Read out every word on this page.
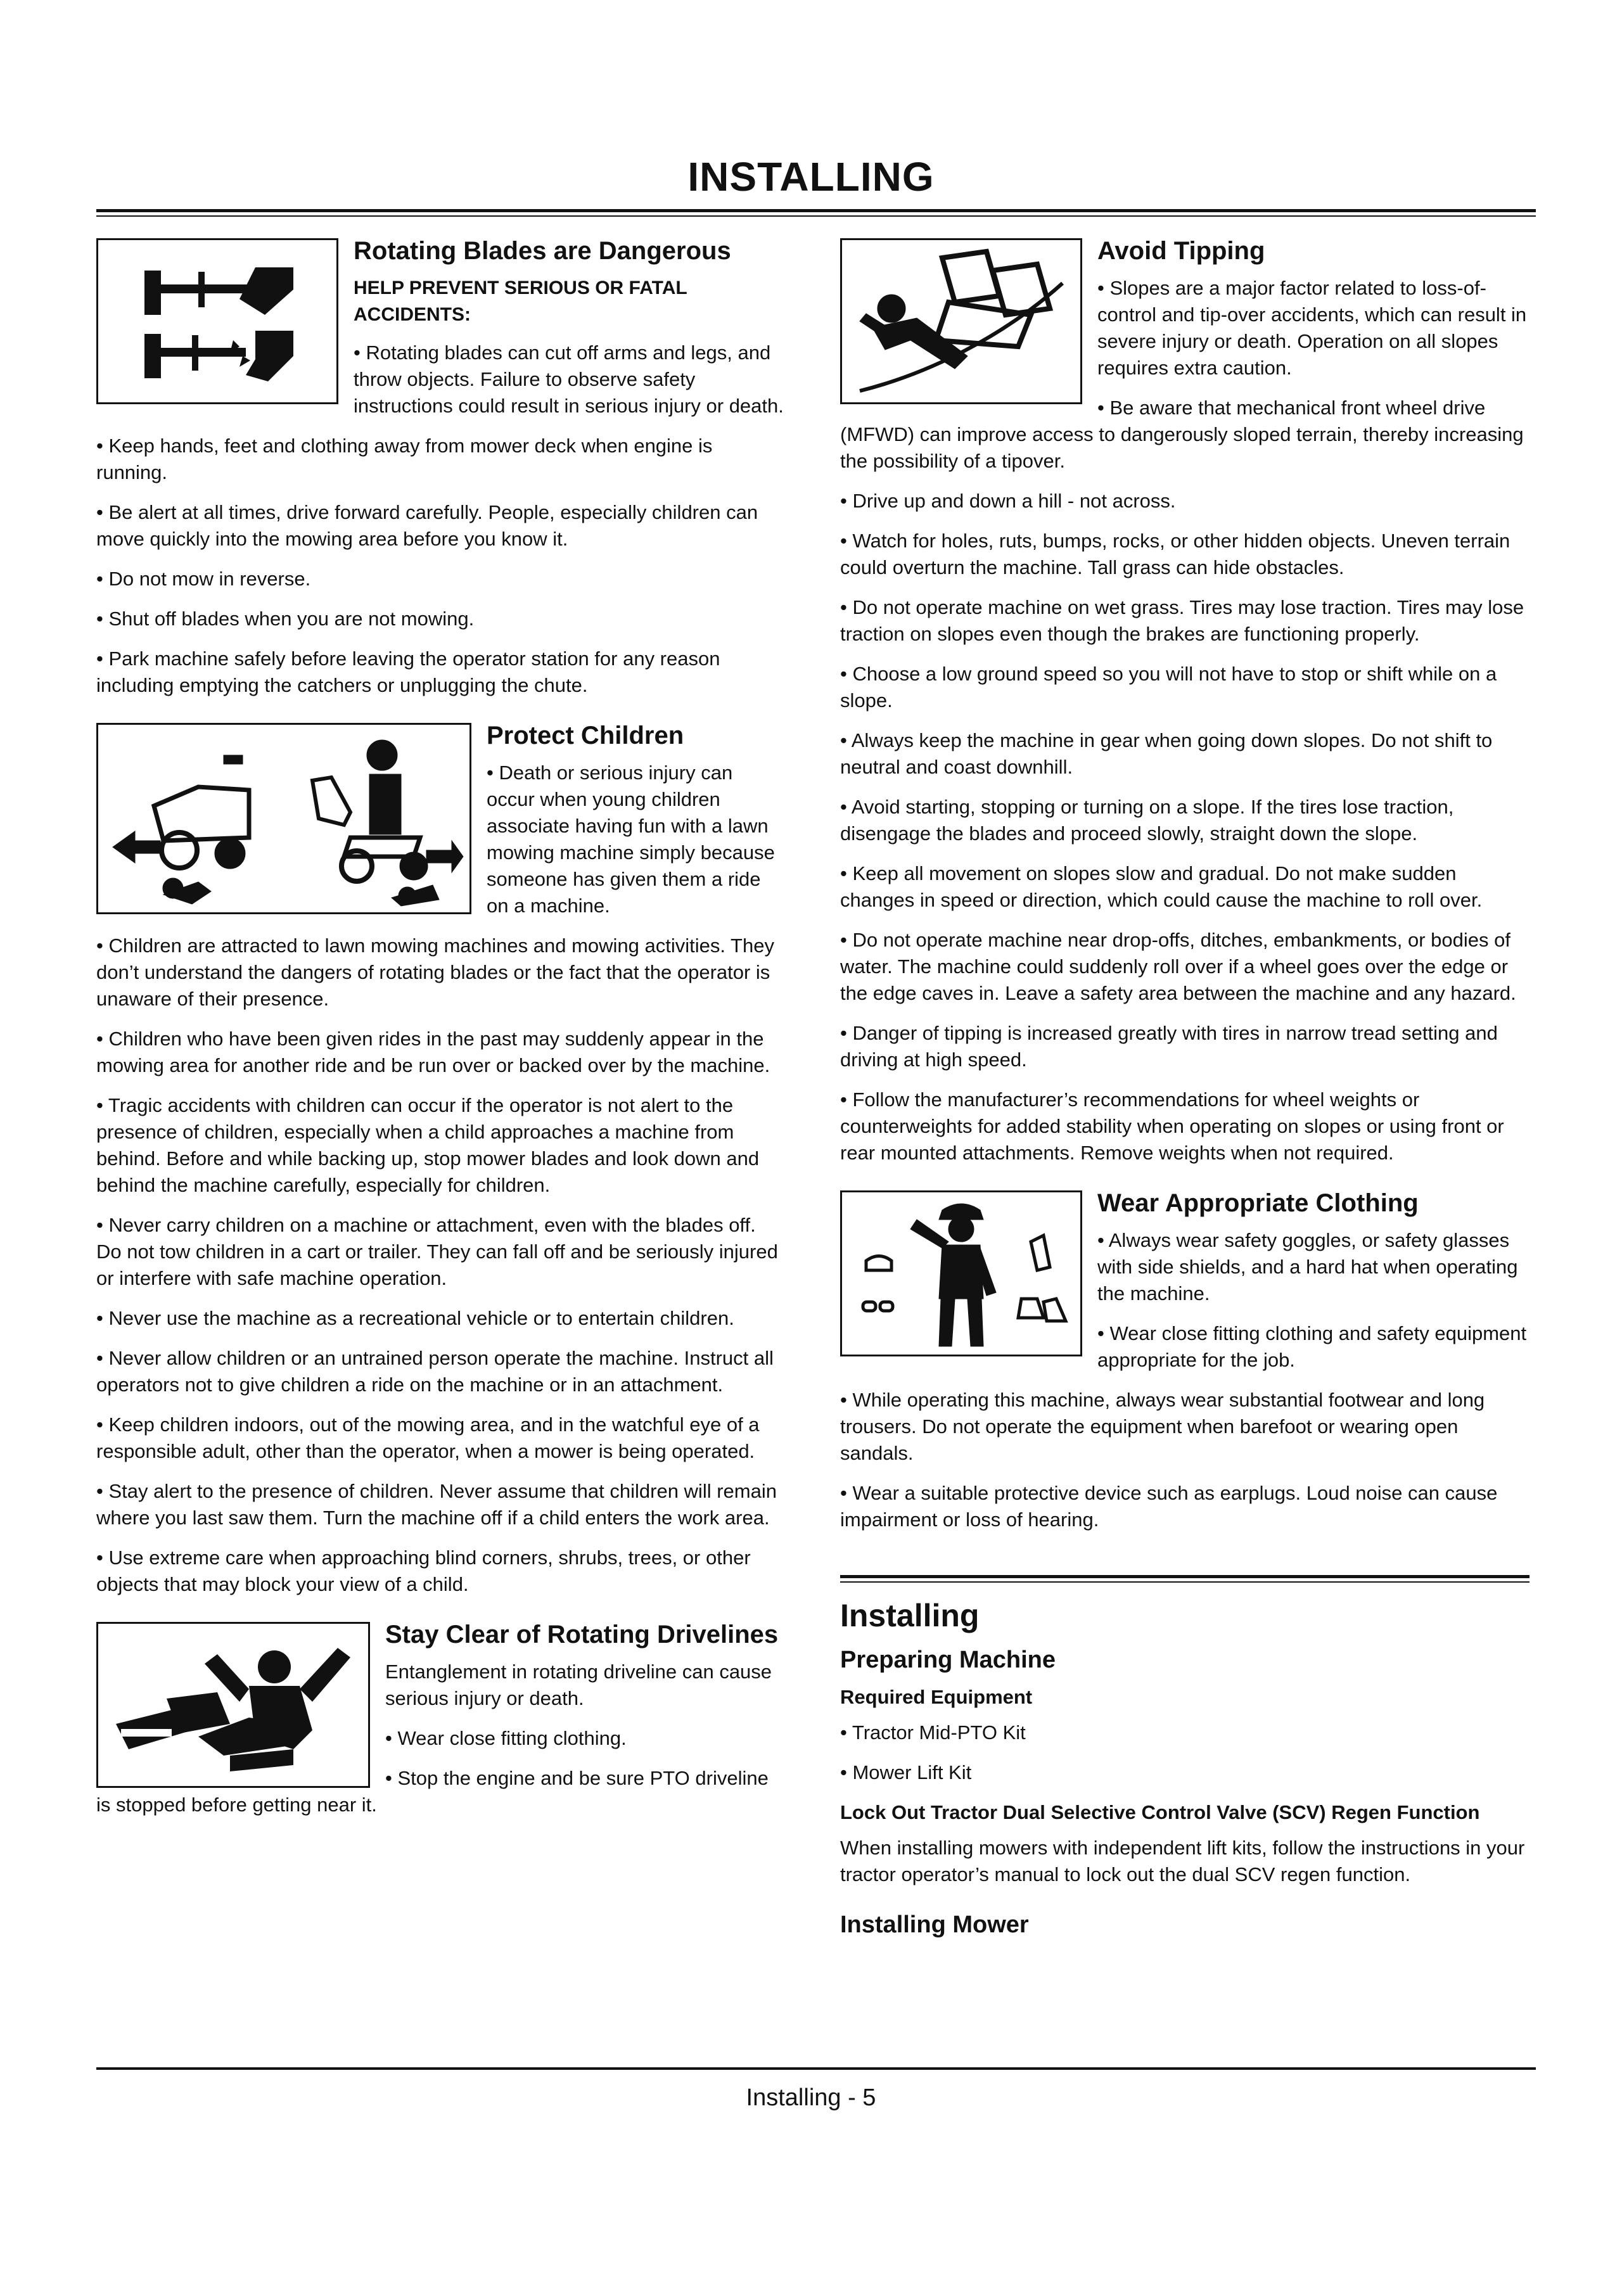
INSTALLING
Rotating Blades are Dangerous
HELP PREVENT SERIOUS OR FATAL ACCIDENTS:

• Rotating blades can cut off arms and legs, and throw objects. Failure to observe safety instructions could result in serious injury or death.

• Keep hands, feet and clothing away from mower deck when engine is running.

• Be alert at all times, drive forward carefully. People, especially children can move quickly into the mowing area before you know it.

• Do not mow in reverse.

• Shut off blades when you are not mowing.

• Park machine safely before leaving the operator station for any reason including emptying the catchers or unplugging the chute.

Protect Children

• Death or serious injury can occur when young children associate having fun with a lawn mowing machine simply because someone has given them a ride on a machine.

• Children are attracted to lawn mowing machines and mowing activities. They don’t understand the dangers of rotating blades or the fact that the operator is unaware of their presence.

• Children who have been given rides in the past may suddenly appear in the mowing area for another ride and be run over or backed over by the machine.

• Tragic accidents with children can occur if the operator is not alert to the presence of children, especially when a child approaches a machine from behind. Before and while backing up, stop mower blades and look down and behind the machine carefully, especially for children.

• Never carry children on a machine or attachment, even with the blades off. Do not tow children in a cart or trailer. They can fall off and be seriously injured or interfere with safe machine operation.

• Never use the machine as a recreational vehicle or to entertain children.

• Never allow children or an untrained person operate the machine. Instruct all operators not to give children a ride on the machine or in an attachment.

• Keep children indoors, out of the mowing area, and in the watchful eye of a responsible adult, other than the operator, when a mower is being operated.

• Stay alert to the presence of children. Never assume that children will remain where you last saw them. Turn the machine off if a child enters the work area.

• Use extreme care when approaching blind corners, shrubs, trees, or other objects that may block your view of a child.

Stay Clear of Rotating Drivelines

Entanglement in rotating driveline can cause serious injury or death.

• Wear close fitting clothing.

• Stop the engine and be sure PTO driveline is stopped before getting near it.

Avoid Tipping

• Slopes are a major factor related to loss-of-control and tip-over accidents, which can result in severe injury or death. Operation on all slopes requires extra caution.

• Be aware that mechanical front wheel drive (MFWD) can improve access to dangerously sloped terrain, thereby increasing the possibility of a tipover.

• Drive up and down a hill - not across.

• Watch for holes, ruts, bumps, rocks, or other hidden objects. Uneven terrain could overturn the machine. Tall grass can hide obstacles.

• Do not operate machine on wet grass. Tires may lose traction. Tires may lose traction on slopes even though the brakes are functioning properly.

• Choose a low ground speed so you will not have to stop or shift while on a slope.

• Always keep the machine in gear when going down slopes. Do not shift to neutral and coast downhill.

• Avoid starting, stopping or turning on a slope. If the tires lose traction, disengage the blades and proceed slowly, straight down the slope.

• Keep all movement on slopes slow and gradual. Do not make sudden changes in speed or direction, which could cause the machine to roll over.

• Do not operate machine near drop-offs, ditches, embankments, or bodies of water. The machine could suddenly roll over if a wheel goes over the edge or the edge caves in. Leave a safety area between the machine and any hazard.

• Danger of tipping is increased greatly with tires in narrow tread setting and driving at high speed.

• Follow the manufacturer’s recommendations for wheel weights or counterweights for added stability when operating on slopes or using front or rear mounted attachments. Remove weights when not required.

Wear Appropriate Clothing

• Always wear safety goggles, or safety glasses with side shields, and a hard hat when operating the machine.

• Wear close fitting clothing and safety equipment appropriate for the job.

• While operating this machine, always wear substantial footwear and long trousers. Do not operate the equipment when barefoot or wearing open sandals.

• Wear a suitable protective device such as earplugs. Loud noise can cause impairment or loss of hearing.

Installing
Preparing Machine
Required Equipment

• Tractor Mid-PTO Kit

• Mower Lift Kit

Lock Out Tractor Dual Selective Control Valve (SCV) Regen Function

When installing mowers with independent lift kits, follow the instructions in your tractor operator’s manual to lock out the dual SCV regen function.

Installing Mower
Installing - 5
